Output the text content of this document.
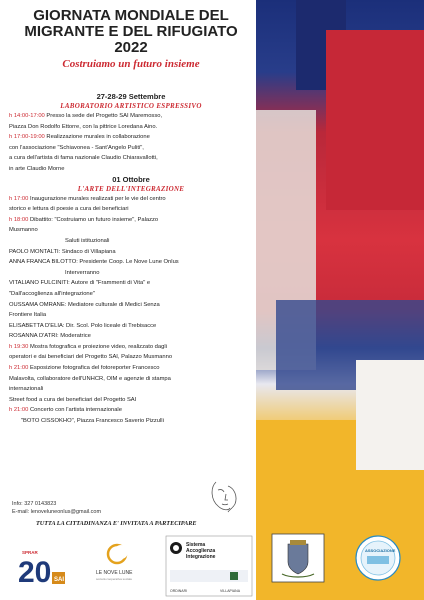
GIORNATA MONDIALE DEL

MIGRANTE E DEL RIFUGIATO 2022

Costruiamo un futuro insieme

27-28-29 Settembre
LABORATORIO ARTISTICO ESPRESSIVO

h 14:00-17:00 Presso la sede del Progetto SAI Maremosso,

Piazza Don Rodolfo Ettorre, con la pittrice Loredana Aino.

h 17:00-19:00 Realizzazione murales in collaborazione

con l'associazione "Schiavonea - Sant'Angelo Puliti",

a cura dell'artista di fama nazionale Claudio Chiaravallotti,

in arte Claudio Morne

01 Ottobre
L'ARTE DELL'INTEGRAZIONE

h 17:00 Inaugurazione murales realizzati per le vie del centro

storico e lettura di poesie a cura dei beneficiari

h 18:00 Dibattito: "Costruiamo un futuro insieme", Palazzo

Musmanno

Saluti istituzionali

PAOLO MONTALTI: Sindaco di Villapiana

ANNA FRANCA BILOTTO: Presidente Coop. Le Nove Lune Onlus

Interverranno

VITALIANO FULCINITI: Autore di "Frammenti di Vita" e

"Dall'accoglienza all'integrazione"

OUSSAMA OMRANE: Mediatore culturale di Medici Senza

Frontiere Italia

ELISABETTA D'ELIA: Dir. Scol. Polo liceale di Trebisacce

ROSANNA D'ATRI: Moderatrice

h 19:30 Mostra fotografica e proiezione video, realizzato dagli

operatori e dai beneficiari del Progetto SAI, Palazzo Musmanno

h 21:00 Esposizione fotografica del fotoreporter Francesco

Malavolta, collaboratore dell'UNHCR, OIM e agenzie di stampa

internazionali

Street food a cura dei beneficiari del Progetto SAI

h 21:00 Concerto con l'artista internazionale

"BOTO CISSOKHO", Piazza Francesco Saverio Pizzulli

Info: 327 0143823
E-mail: lenoveluneonlus@gmail.com
TUTTA LA CITTADINANZA E' INVITATA A PARTECIPARE
SPRAR
20 SAI
LE NOVE LUNE
società cooperativa sociale
Sistema
Accoglienza
Integrazione
ORDINARI	VILLAPIANA
ASSOCIAZIONE
